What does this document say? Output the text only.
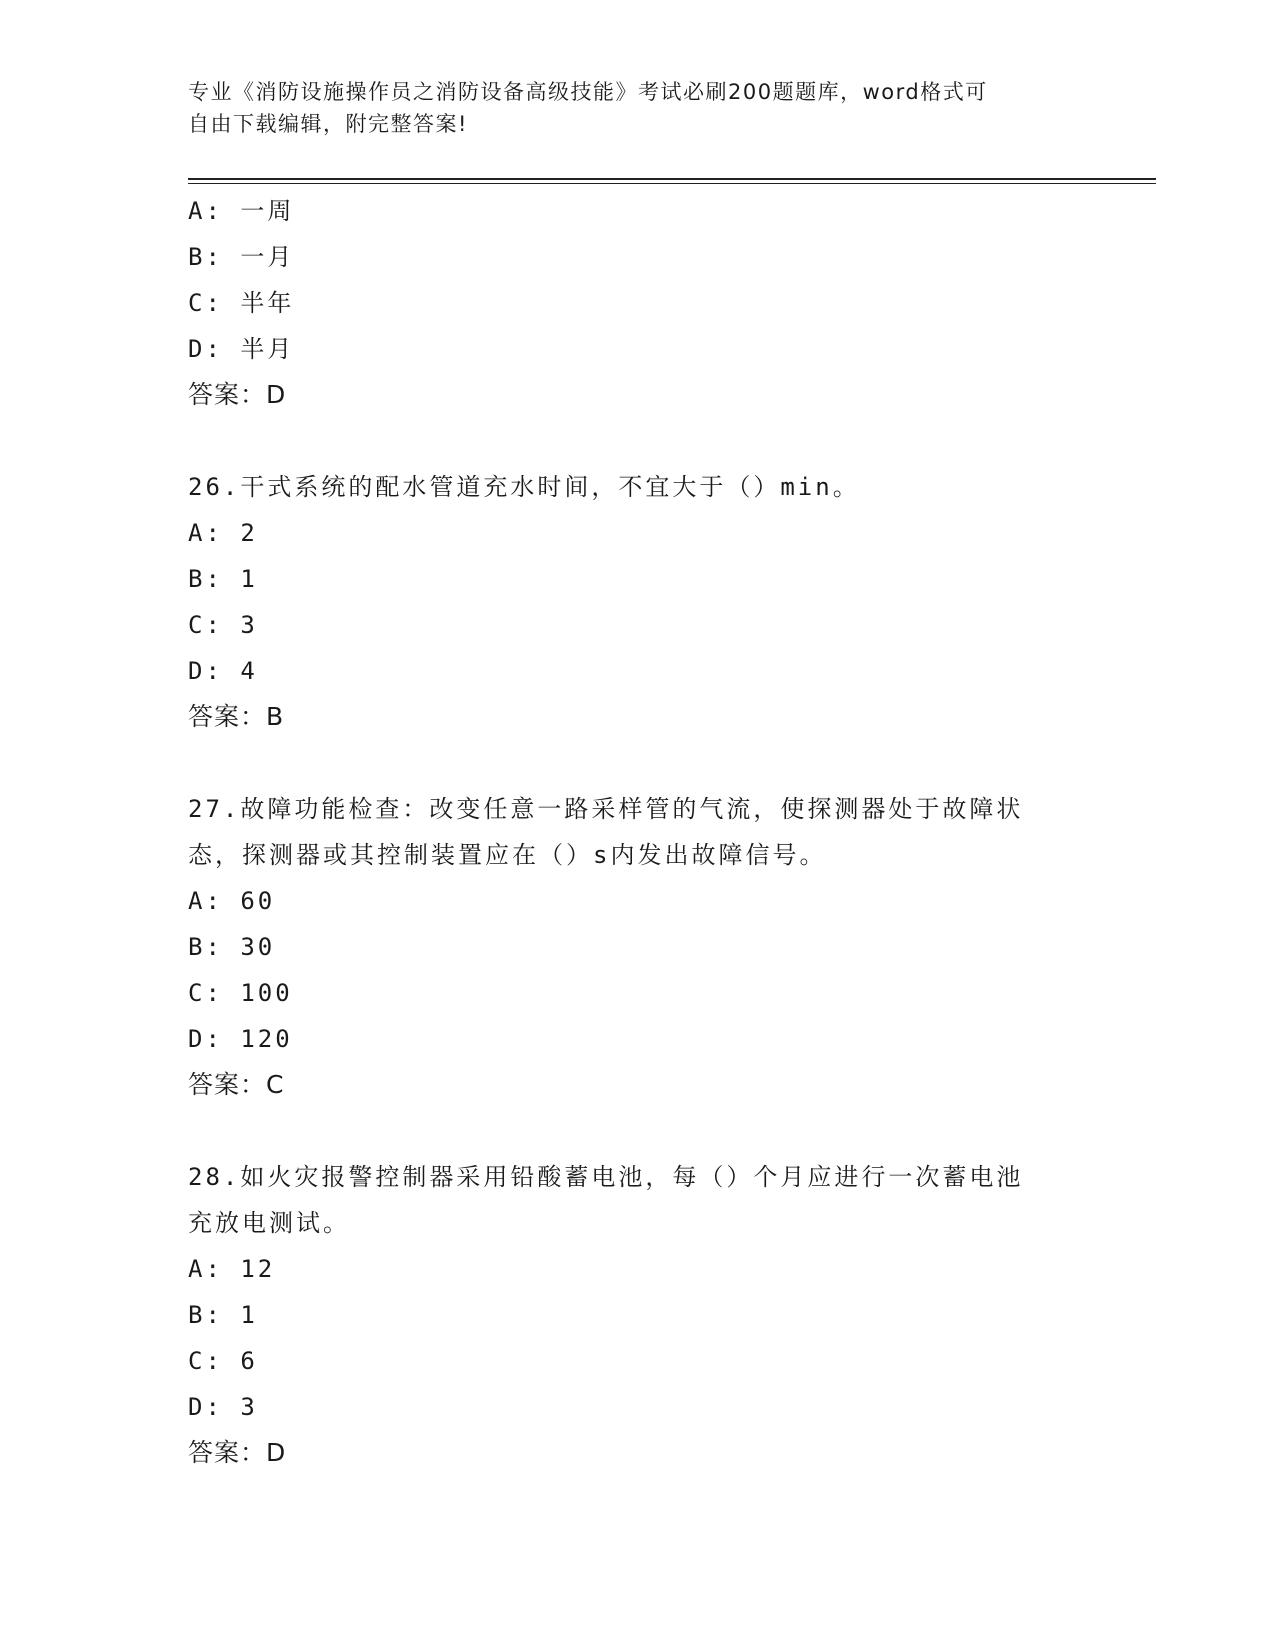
专业《消防设施操作员之消防设备高级技能》考试必刷200题题库，word格式可
自由下载编辑，附完整答案!
A: 一周
B: 一月
C: 半年
D: 半月
答案：D
26.干式系统的配水管道充水时间，不宜大于（）min。
A: 2
B: 1
C: 3
D: 4
答案：B
27.故障功能检查：改变任意一路采样管的气流，使探测器处于故障状
态，探测器或其控制装置应在（）s内发出故障信号。
A: 60
B: 30
C: 100
D: 120
答案：C
28.如火灾报警控制器采用铅酸蓄电池，每（）个月应进行一次蓄电池
充放电测试。
A: 12
B: 1
C: 6
D: 3
答案：D
